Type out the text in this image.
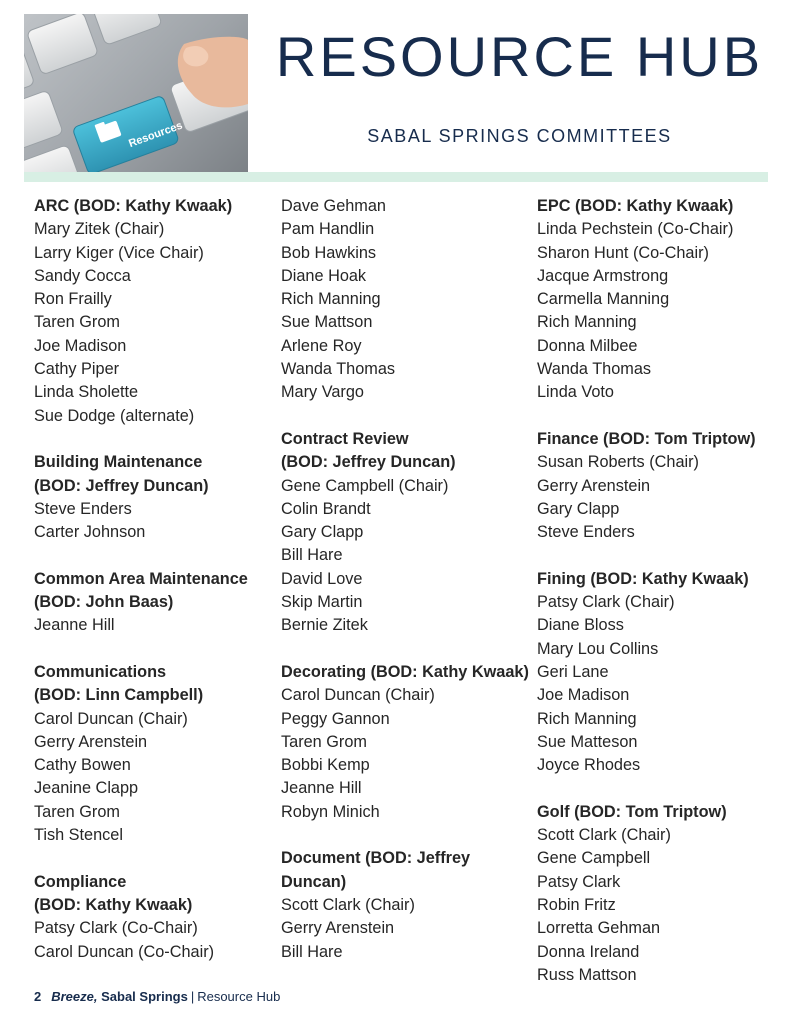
Resources
RESOURCE HUB
SABAL SPRINGS COMMITTEES
ARC (BOD: Kathy Kwaak)
Mary Zitek (Chair)
Larry Kiger (Vice Chair)
Sandy Cocca
Ron Frailly
Taren Grom
Joe Madison
Cathy Piper
Linda Sholette
Sue Dodge (alternate)
Building Maintenance
(BOD: Jeffrey Duncan)
Steve Enders
Carter Johnson
Common Area Maintenance
(BOD: John Baas)
Jeanne Hill
Communications
(BOD: Linn Campbell)
Carol Duncan (Chair)
Gerry Arenstein
Cathy Bowen
Jeanine Clapp
Taren Grom
Tish Stencel
Compliance
(BOD: Kathy Kwaak)
Patsy Clark (Co-Chair)
Carol Duncan (Co-Chair)
Dave Gehman
Pam Handlin
Bob Hawkins
Diane Hoak
Rich Manning
Sue Mattson
Arlene Roy
Wanda Thomas
Mary Vargo
Contract Review
(BOD: Jeffrey Duncan)
Gene Campbell (Chair)
Colin Brandt
Gary Clapp
Bill Hare
David Love
Skip Martin
Bernie Zitek
Decorating (BOD: Kathy Kwaak)
Carol Duncan (Chair)
Peggy Gannon
Taren Grom
Bobbi Kemp
Jeanne Hill
Robyn Minich
Document (BOD: Jeffrey
Duncan)
Scott Clark (Chair)
Gerry Arenstein
Bill Hare
EPC (BOD: Kathy Kwaak)
Linda Pechstein (Co-Chair)
Sharon Hunt (Co-Chair)
Jacque Armstrong
Carmella Manning
Rich Manning
Donna Milbee
Wanda Thomas
Linda Voto
Finance (BOD: Tom Triptow)
Susan Roberts (Chair)
Gerry Arenstein
Gary Clapp
Steve Enders
Fining (BOD: Kathy Kwaak)
Patsy Clark (Chair)
Diane Bloss
Mary Lou Collins
Geri Lane
Joe Madison
Rich Manning
Sue Matteson
Joyce Rhodes
Golf (BOD: Tom Triptow)
Scott Clark (Chair)
Gene Campbell
Patsy Clark
Robin Fritz
Lorretta Gehman
Donna Ireland
Russ Mattson
2 Breeze, Sabal Springs | Resource Hub
